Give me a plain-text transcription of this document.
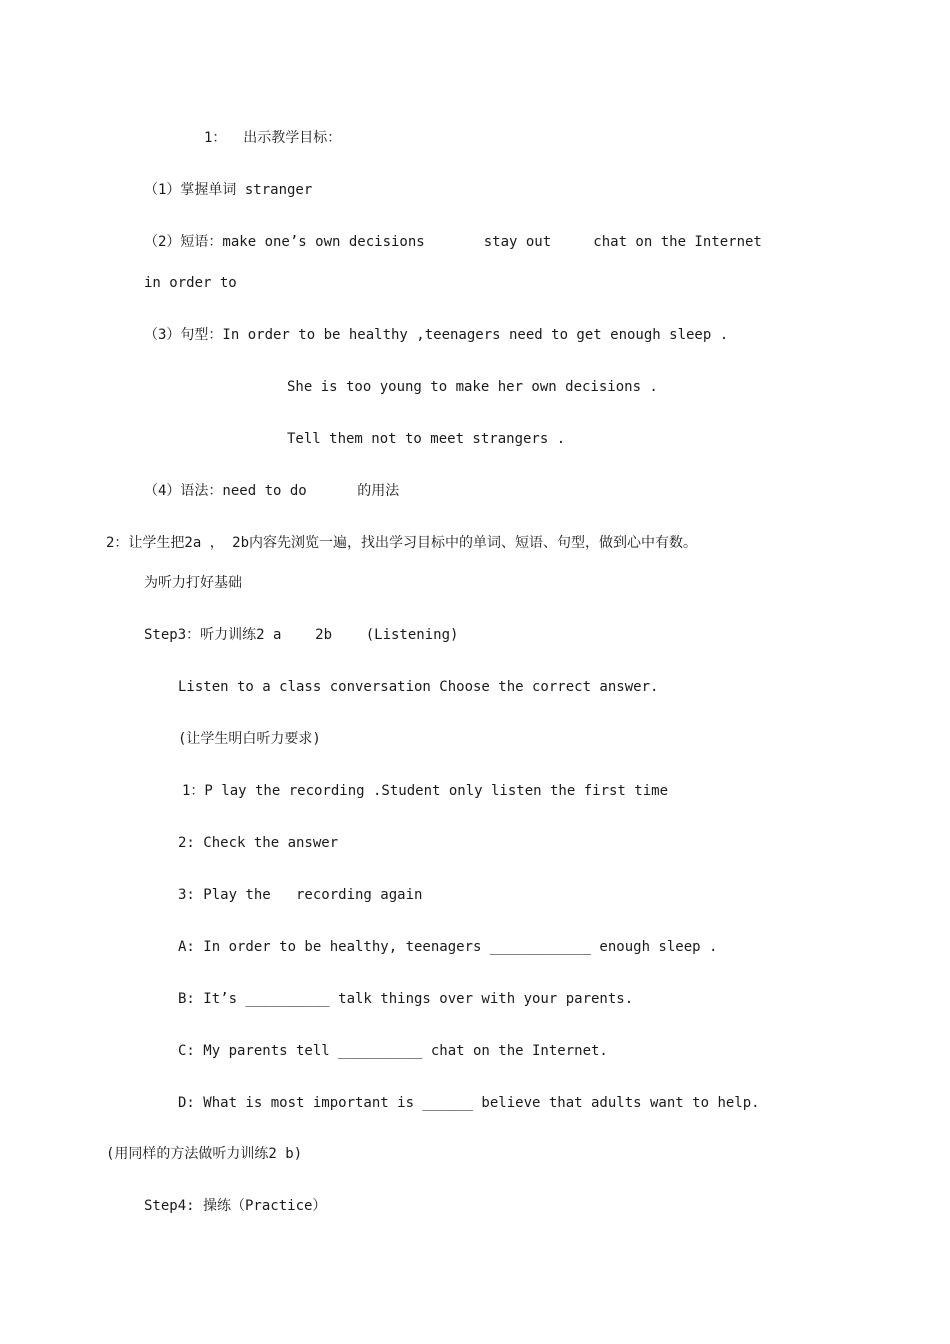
1：  出示教学目标：
（1）掌握单词 stranger
（2）短语：make one’s own decisions       stay out     chat on the Internet
in order to
（3）句型：In order to be healthy ,teenagers need to get enough sleep .
She is too young to make her own decisions .
Tell them not to meet strangers .
（4）语法：need to do      的用法
2：让学生把2a ， 2b内容先浏览一遍，找出学习目标中的单词、短语、句型，做到心中有数。
为听力打好基础
Step3：听力训练2 a    2b    (Listening)
Listen to a class conversation Choose the correct answer.
(让学生明白听力要求)
1：P lay the recording .Student only listen the first time
2: Check the answer
3: Play the   recording again
A: In order to be healthy, teenagers ____________ enough sleep .
B: It’s __________ talk things over with your parents.
C: My parents tell __________ chat on the Internet.
D: What is most important is ______ believe that adults want to help.
(用同样的方法做听力训练2 b)
Step4: 操练（Practice）
